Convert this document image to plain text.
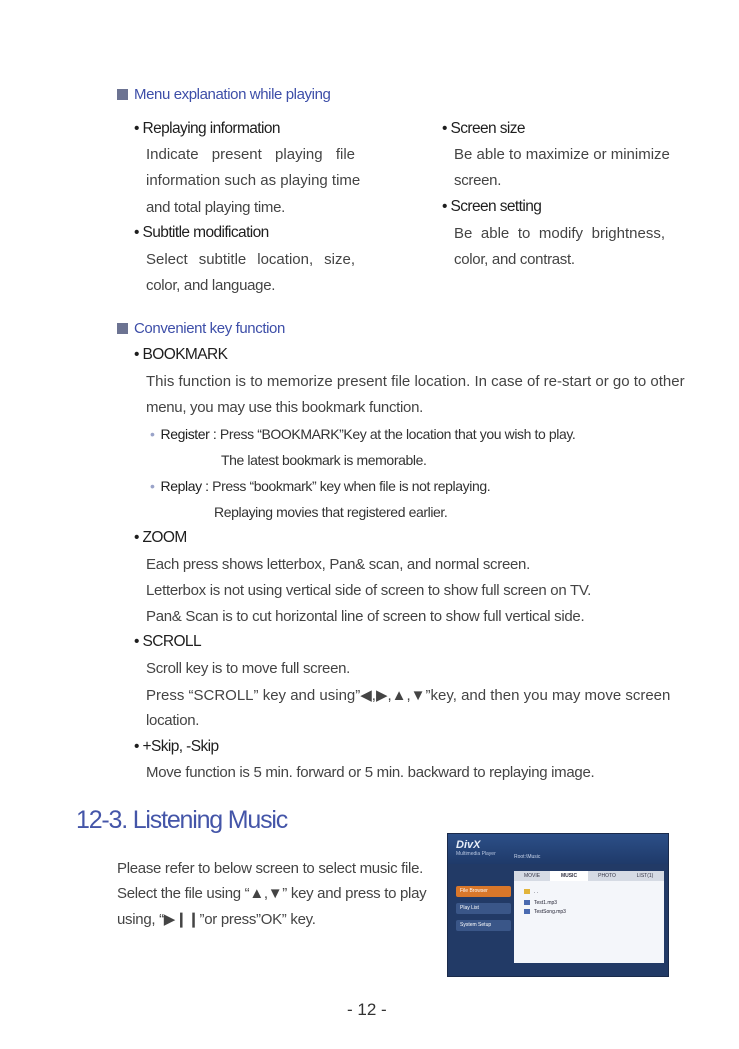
Menu explanation while playing
• Replaying information
Indicate present playing file
information such as playing time
and total playing time.
• Subtitle modification
Select subtitle location, size,
color, and language.
• Screen size
Be able to maximize or minimize
screen.
• Screen setting
Be able to modify brightness,
color, and contrast.
Convenient key function
• BOOKMARK
This function is to memorize present file location. In case of re-start or go to other
menu, you may use this bookmark function.
• Register : Press “BOOKMARK”Key at the location that you wish to play.
The latest bookmark is memorable.
• Replay : Press “bookmark” key when file is not replaying.
Replaying movies that registered earlier.
• ZOOM
Each press shows letterbox, Pan& scan, and normal screen.
Letterbox is not using vertical side of screen to show full screen on TV.
Pan& Scan is to cut horizontal line of screen to show full vertical side.
• SCROLL
Scroll key is to move full screen.
Press “SCROLL” key and using”◀,▶,▲,▼”key, and then you may move screen
location.
• +Skip, -Skip
Move function is 5 min. forward or 5 min. backward to replaying image.
12-3. Listening Music
Please refer to below screen to select music file.
Select the file using “▲,▼” key and press to play
using, “▶❙❙”or press”OK” key.
DivX
Multimedia Player	Root:\Music
File Browser
Play List
System Setup
MOVIE	MUSIC	PHOTO	LIST(1)
. .
Test1.mp3
TestSong.mp3
- 12 -
